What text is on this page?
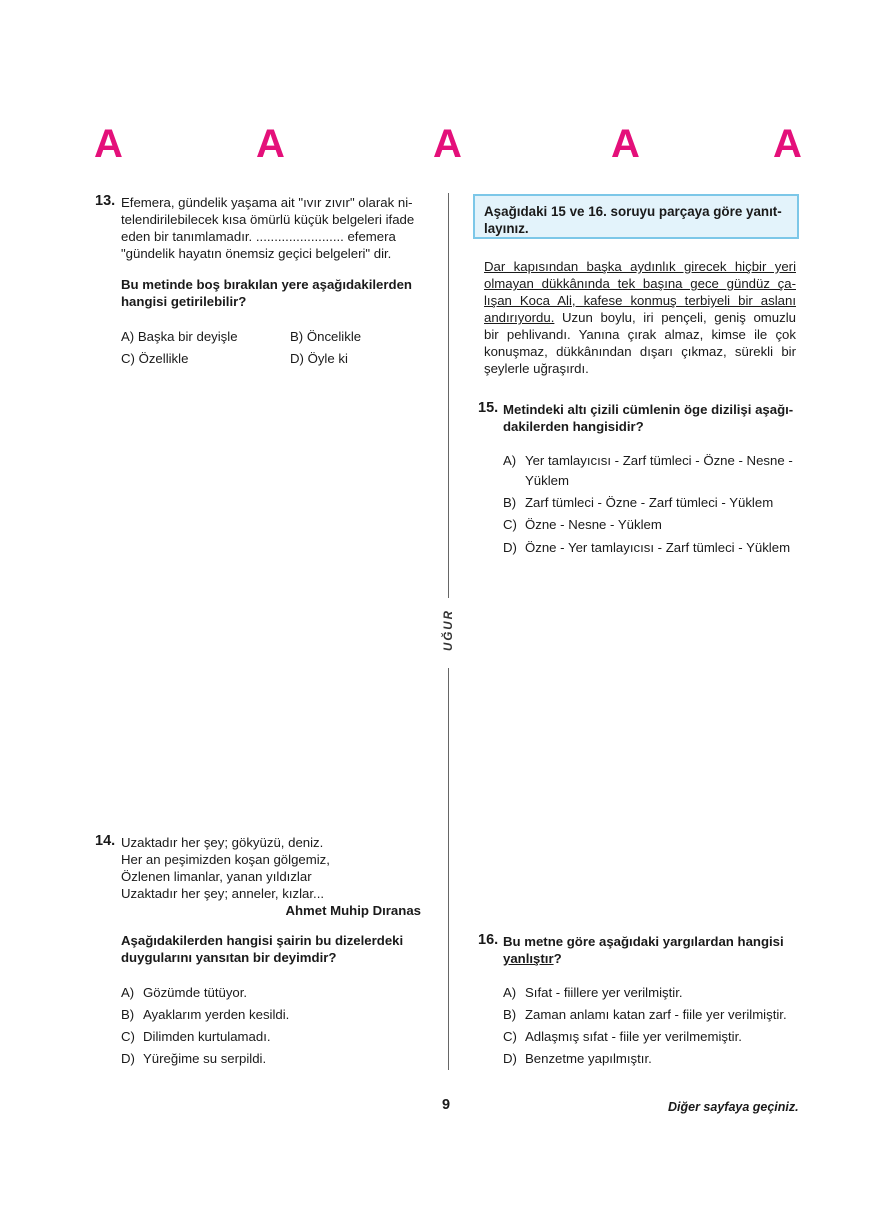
A	A	A	A	A
13. Efemera, gündelik yaşama ait "ıvır zıvır" olarak ni-
telendirilebilecek kısa ömürlü küçük belgeleri ifade
eden bir tanımlamadır. ........................ efemera
"gündelik hayatın önemsiz geçici belgeleri" dir.
Bu metinde boş bırakılan yere aşağıdakilerden
hangisi getirilebilir?
A) Başka bir deyişle	B) Öncelikle
C) Özellikle	D) Öyle ki
14. Uzaktadır her şey; gökyüzü, deniz.
Her an peşimizden koşan gölgemiz,
Özlenen limanlar, yanan yıldızlar
Uzaktadır her şey; anneler, kızlar...
Ahmet Muhip Dıranas
Aşağıdakilerden hangisi şairin bu dizelerdeki
duygularını yansıtan bir deyimdir?
A) Gözümde tütüyor.
B) Ayaklarım yerden kesildi.
C) Dilimden kurtulamadı.
D) Yüreğime su serpildi.
UĞUR
Aşağıdaki 15 ve 16. soruyu parçaya göre yanıt-
layınız.
Dar kapısından başka aydınlık girecek hiçbir yeri
olmayan dükkânında tek başına gece gündüz ça-
lışan Koca Ali, kafese konmuş terbiyeli bir aslanı
andırıyordu. Uzun boylu, iri pençeli, geniş omuzlu
bir pehlivandı. Yanına çırak almaz, kimse ile çok
konuşmaz, dükkânından dışarı çıkmaz, sürekli bir
şeylerle uğraşırdı.
15. Metindeki altı çizili cümlenin öge dizilişi aşağı-
dakilerden hangisidir?
A) Yer tamlayıcısı - Zarf tümleci - Özne - Nesne -
Yüklem
B) Zarf tümleci - Özne - Zarf tümleci - Yüklem
C) Özne - Nesne - Yüklem
D) Özne - Yer tamlayıcısı - Zarf tümleci - Yüklem
16. Bu metne göre aşağıdaki yargılardan hangisi
yanlıştır?
A) Sıfat - fiillere yer verilmiştir.
B) Zaman anlamı katan zarf - fiile yer verilmiştir.
C) Adlaşmış sıfat - fiile yer verilmemiştir.
D) Benzetme yapılmıştır.
9	Diğer sayfaya geçiniz.
